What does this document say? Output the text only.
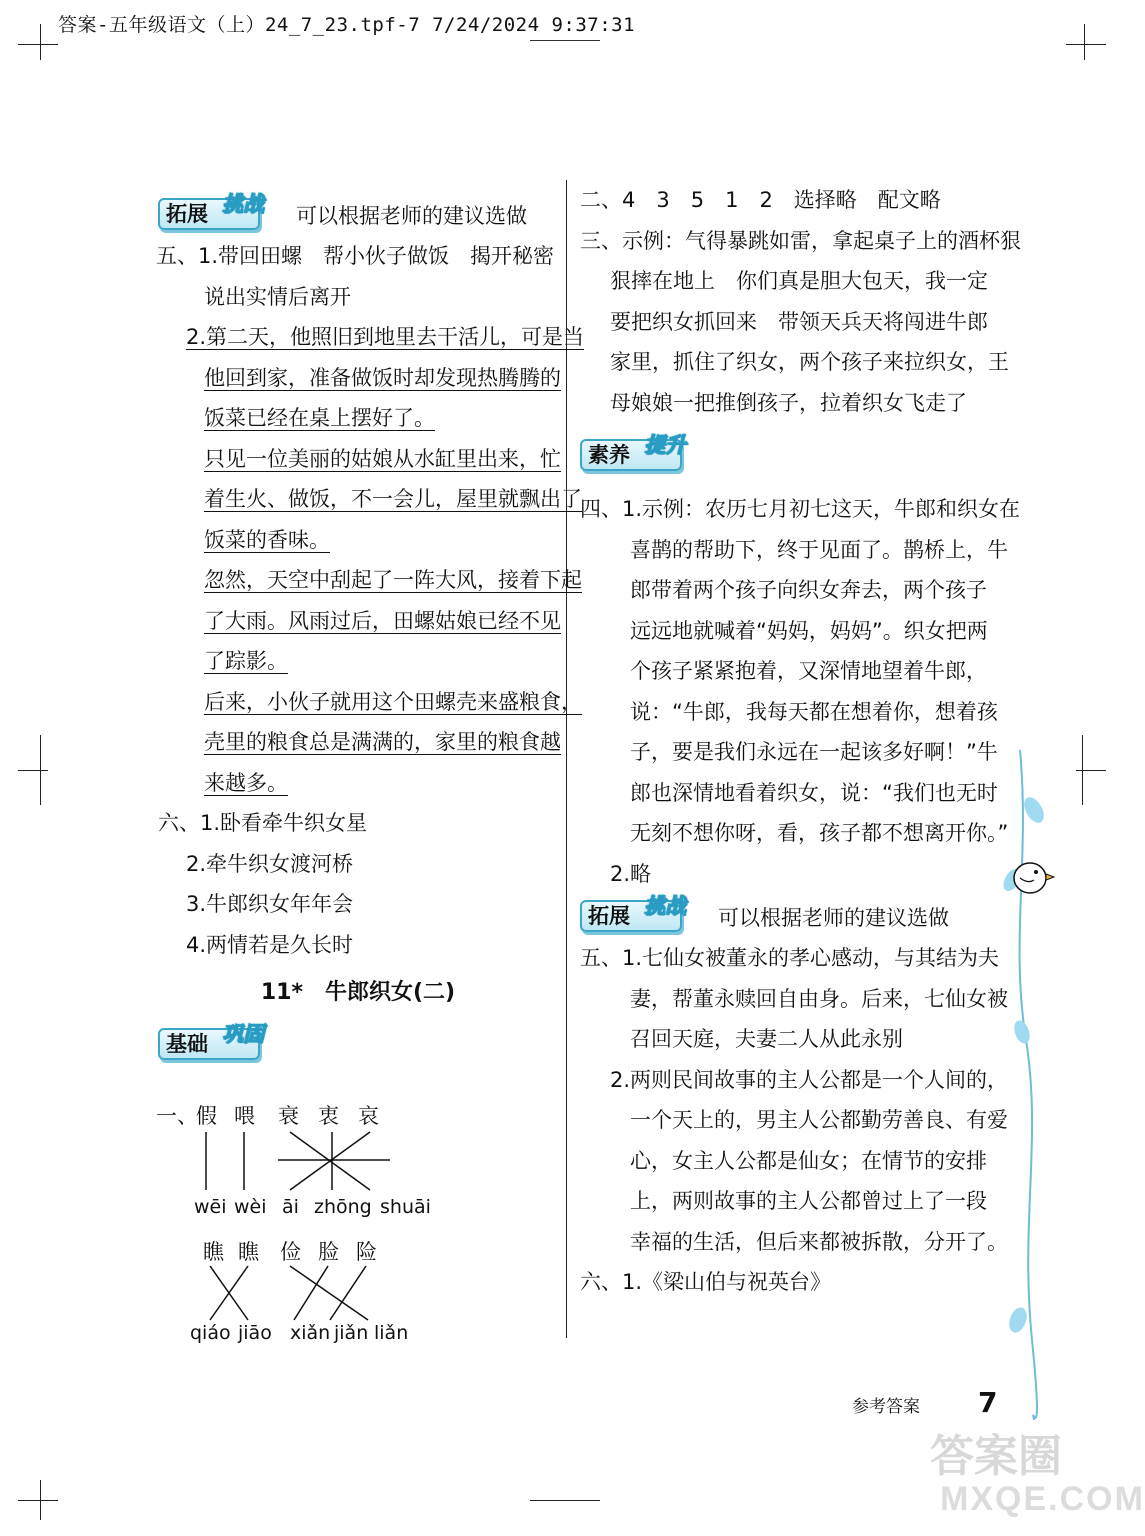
答案-五年级语文（上）24_7_23.tpf-7 7/24/2024 9:37:31
拓展 挑战 可以根据老师的建议选做
五、1.带回田螺　帮小伙子做饭　揭开秘密
说出实情后离开
2.第二天，他照旧到地里去干活儿，可是当
他回到家，准备做饭时却发现热腾腾的
饭菜已经在桌上摆好了。
只见一位美丽的姑娘从水缸里出来，忙
着生火、做饭，不一会儿，屋里就飘出了
饭菜的香味。
忽然，天空中刮起了一阵大风，接着下起
了大雨。风雨过后，田螺姑娘已经不见
了踪影。
后来，小伙子就用这个田螺壳来盛粮食，
壳里的粮食总是满满的，家里的粮食越
来越多。
六、1.卧看牵牛织女星
2.牵牛织女渡河桥
3.牛郎织女年年会
4.两情若是久长时
11*　牛郎织女(二)
基础 巩固
一、
假 喂 衰 衷 哀
wēi wèi āi zhōng shuāi
瞧 瞧 俭 脸 险
qiáo jiāo xiǎn jiǎn liǎn
二、4　3　5　1　2　选择略　配文略
三、示例：气得暴跳如雷，拿起桌子上的酒杯狠
狠摔在地上　你们真是胆大包天，我一定
要把织女抓回来　带领天兵天将闯进牛郎
家里，抓住了织女，两个孩子来拉织女，王
母娘娘一把推倒孩子，拉着织女飞走了
素养 提升
四、1.示例：农历七月初七这天，牛郎和织女在
喜鹊的帮助下，终于见面了。鹊桥上，牛
郎带着两个孩子向织女奔去，两个孩子
远远地就喊着“妈妈，妈妈”。织女把两
个孩子紧紧抱着，又深情地望着牛郎，
说：“牛郎，我每天都在想着你，想着孩
子，要是我们永远在一起该多好啊！”牛
郎也深情地看着织女，说：“我们也无时
无刻不想你呀，看，孩子都不想离开你。”
2.略
拓展 挑战 可以根据老师的建议选做
五、1.七仙女被董永的孝心感动，与其结为夫
妻，帮董永赎回自由身。后来，七仙女被
召回天庭，夫妻二人从此永别
2.两则民间故事的主人公都是一个人间的，
一个天上的，男主人公都勤劳善良、有爱
心，女主人公都是仙女；在情节的安排
上，两则故事的主人公都曾过上了一段
幸福的生活，但后来都被拆散，分开了。
六、1.《梁山伯与祝英台》
参考答案 7
答案圈
MXQE.COM
